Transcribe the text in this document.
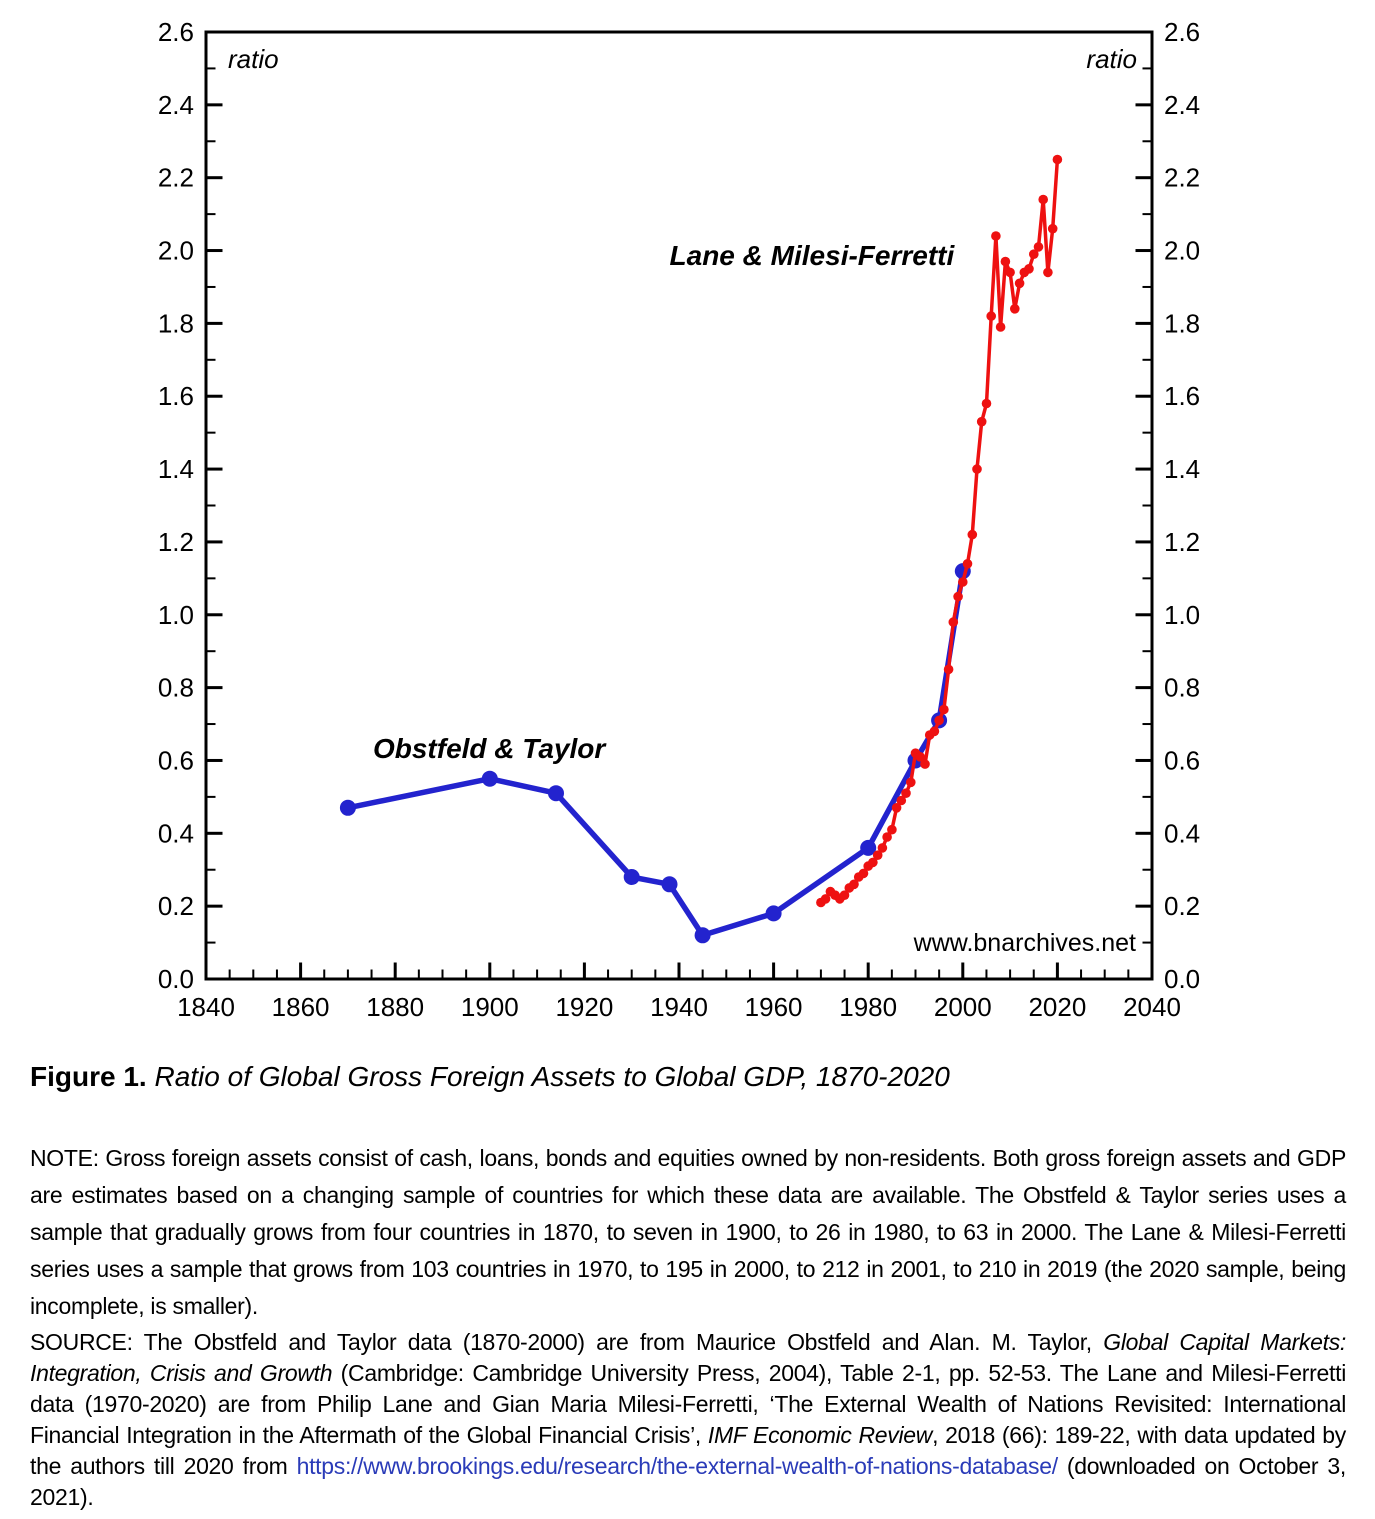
0.0	0.0
0.2	0.2
0.4	0.4
0.6	0.6
0.8	0.8
1.0	1.0
1.2	1.2
1.4	1.4
1.6	1.6
1.8	1.8
2.0	2.0
2.2	2.2
2.4	2.4
2.6	2.6
1840 1860 1880 1900 1920 1940 1960 1980 2000 2020 2040
ratio	ratio
www.bnarchives.net
Lane & Milesi-Ferretti
Obstfeld & Taylor

Figure 1. Ratio of Global Gross Foreign Assets to Global GDP, 1870-2020

NOTE: Gross foreign assets consist of cash, loans, bonds and equities owned by non-residents. Both gross foreign assets and GDP are estimates based on a changing sample of countries for which these data are available. The Obstfeld & Taylor series uses a sample that gradually grows from four countries in 1870, to seven in 1900, to 26 in 1980, to 63 in 2000. The Lane & Milesi-Ferretti series uses a sample that grows from 103 countries in 1970, to 195 in 2000, to 212 in 2001, to 210 in 2019 (the 2020 sample, being incomplete, is smaller).

SOURCE: The Obstfeld and Taylor data (1870-2000) are from Maurice Obstfeld and Alan. M. Taylor, Global Capital Markets: Integration, Crisis and Growth (Cambridge: Cambridge University Press, 2004), Table 2-1, pp. 52-53. The Lane and Milesi-Ferretti data (1970-2020) are from Philip Lane and Gian Maria Milesi-Ferretti, ‘The External Wealth of Nations Revisited: International Financial Integration in the Aftermath of the Global Financial Crisis’, IMF Economic Review, 2018 (66): 189-22, with data updated by the authors till 2020 from https://www.brookings.edu/research/the-external-wealth-of-nations-database/ (downloaded on October 3, 2021).
